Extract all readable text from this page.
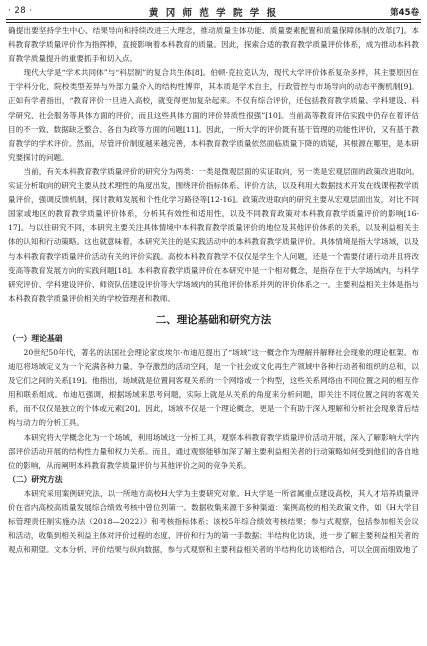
· 28 ·	黄 冈 师 范 学 院 学 报	第45卷

确提出要坚持学生中心、结果导向和持续改进三大理念，推动质量主体功能、质量要素配置和质量保障体制的改革[7]。本科教育教学质量评价作为指挥棒，直接影响着本科教育的质量。因此，探索合适的教育教学质量评价体系，成为推动本科教育教学质量提升的重要抓手和切入点。

现代大学是“学术共同体”与“科层制”的复合共生体[8]。伯顿·克拉克认为，现代大学评价体系复杂多样，其主要原因在于学科分化，院校类型差异与外部力量介入的结构性博弈，其本质是学术自主，行政管控与市场导向的动态平衡机制[9]。正如有学者指出，“教育评价一旦进入高校，就变得更加复杂起来。不仅有综合评价，还包括教育教学质量、学科建设、科学研究、社会服务等具体方面的评价，而且这些具体方面的评价异质性很强”[10]。当前高等教育评估实践中仍存在着评估目的不一致、数据缺乏整合、各自为政等方面的问题[11]。因此，一所大学的评价既有基于管理的功能性评价，又有基于教育教学的学术评价。然而，尽管评价制度越来越完善，本科教育教学质量依然面临质量下降的质疑，其根源在哪里，是本研究要探讨的问题。

当前，有关本科教育教学质量评价的研究分为两类：一类是微观层面的实证取向，另一类是宏观层面的政策改进取向。实证分析取向的研究主要从技术理性的角度出发，围绕评价指标体系、评价方法，以及利用大数据技术开发在线课程教学质量评价，强调反馈机制，探讨教师发展和个性化学习路径等[12-16]。政策改进取向的研究主要从宏观层面出发，对比不同国家或地区的教育教学质量评价体系，分析其有效性和适用性，以及不同教育政策对本科教育教学质量评价的影响[16-17]。与以往研究不同，本研究主要关注具体情境中本科教育教学质量评价的地位及其他评价体系的关系，以及利益相关主体的认知和行动策略。这也就意味着，本研究关注的是实践活动中的本科教育教学质量评价。具体情境是指大学场域，以及与本科教育教学质量评价活动有关的评价实践。高校本科教育教学不仅仅是学生个人问题，还是一个需要付诸行动并且将改变高等教育发展方向的实践问题[18]。本科教育教学质量评价在本研究中是一个相对概念，是指存在于大学场域内，与科学研究评价、学科建设评价、师资队伍建设评价等大学场域内的其他评价体系并列的评价体系之一。主要利益相关主体是指与本科教育教学质量评价相关的学校管理者和教师。

二、理论基础和研究方法
（一）理论基础

20世纪50年代，著名的法国社会理论家皮埃尔·布迪厄提出了“场域”这一概念作为理解并解释社会现象的理论框架。布迪厄将场域定义为一个充满各种力量、争夺激烈的活动空间，是一个社会或文化再生产领域中各种行动者和组织的总和，以及它们之间的关系[19]。他指出，场域就是位置间客观关系的一个网络或一个构型，这些关系网络由不同位置之间的相互作用和联系组成。布迪厄强调，根据场域来思考问题，实际上就是从关系的角度来分析问题，即关注不同位置之间的客观关系，而不仅仅是独立的个体或元素[20]。因此，场域不仅是一个理论概念，更是一个有助于深入理解和分析社会现象背后结构与动力的分析工具。

本研究将大学概念化为一个场域，利用场域这一分析工具，观察本科教育教学质量评价活动开展，深入了解影响大学内部评价活动开展的结构性力量和权力关系。而且，通过观察能够加深了解主要利益相关者的行动策略如何受到他们的各自地位的影响，从而阐明本科教育教学质量评价与其他评价之间的竞争关系。

（二）研究方法

本研究采用案例研究法，以一所地方高校H大学为主要研究对象。H大学是一所省属重点建设高校，其人才培养质量评价在省内高校高质量发展综合绩效考核中曾位列第一。数据收集来源于多种渠道：案例高校的相关政策文件，如《H大学目标管理责任制实施办法（2018—2022）》和考核指标体系；该校5年综合绩效考核结果；参与式观察，包括参加相关会议和活动，收集到相关利益主体对评价过程的态度、评价和行为的第一手数据；半结构化访谈，进一步了解主要利益相关者的观点和期望。文本分析、评价结果与纵向数据，参与式观察和主要利益相关者的半结构化访谈相结合，可以全面而细致地了
